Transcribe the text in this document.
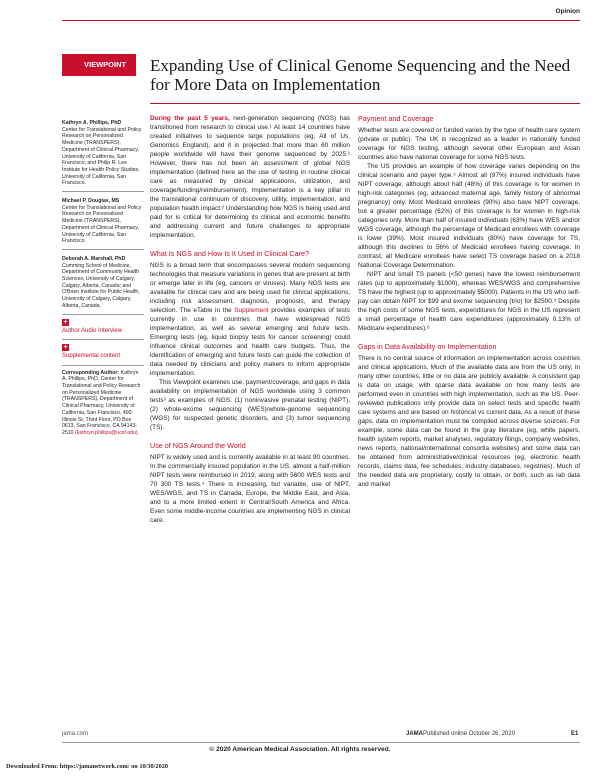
Opinion
VIEWPOINT	Expanding Use of Clinical Genome Sequencing and the Need for More Data on Implementation
Kathryn A. Phillips, PhD
Center for Translational and Policy Research on Personalized Medicine (TRANSPERS), Department of Clinical Pharmacy, University of California, San Francisco; and Philip R. Lee Institute for Health Policy Studies, University of California, San Francisco.
Michael P. Douglas, MS
Center for Translational and Policy Research on Personalized Medicine (TRANSPERS), Department of Clinical Pharmacy, University of California, San Francisco.
Deborah A. Marshall, PhD
Cumming School of Medicine, Department of Community Health Sciences, University of Calgary, Calgary, Alberta, Canada; and O'Brien Institute for Public Health, University of Calgary, Calgary, Alberta, Canada.
+
Author Audio Interview
+
Supplemental content
Corresponding Author: Kathryn A. Phillips, PhD, Center for Translational and Policy Research on Personalized Medicine (TRANSPERS), Department of Clinical Pharmacy, University of California, San Francisco, 490 Illinois St, Third Floor, PO Box 0613, San Francisco, CA 94143-2510 (kathryn.phillips@ucsf.edu).

During the past 5 years, next-generation sequencing (NGS) has transitioned from research to clinical use.¹ At least 14 countries have created initiatives to sequence large populations (eg, All of Us, Genomics England), and it is projected that more than 60 million people worldwide will have their genome sequenced by 2025.¹ However, there has not been an assessment of global NGS implementation (defined here as the use of testing in routine clinical care as measured by clinical applications, utilization, and coverage/funding/reimbursement). Implementation is a key pillar in the translational continuum of discovery, utility, implementation, and population health impact.² Understanding how NGS is being used and paid for is critical for determining its clinical and economic benefits and addressing current and future challenges to appropriate implementation.

What Is NGS and How Is It Used in Clinical Care?

NGS is a broad term that encompasses several modern sequencing technologies that measure variations in genes that are present at birth or emerge later in life (eg, cancers or viruses). Many NGS tests are available for clinical care and are being used for clinical applications, including risk assessment, diagnosis, prognosis, and therapy selection. The eTable in the Supplement provides examples of tests currently in use in countries that have widespread NGS implementation, as well as several emerging and future tests. Emerging tests (eg, liquid biopsy tests for cancer screening) could influence clinical outcomes and health care budgets. Thus, the identification of emerging and future tests can guide the collection of data needed by clinicians and policy makers to inform appropriate implementation.

This Viewpoint examines use, payment/coverage, and gaps in data availability on implementation of NGS worldwide using 3 common tests³ as examples of NGS: (1) noninvasive prenatal testing (NIPT), (2) whole-exome sequencing (WES)/whole-genome sequencing (WGS) for suspected genetic disorders, and (3) tumor sequencing (TS).

Use of NGS Around the World

NIPT is widely used and is currently available in at least 90 countries. In the commercially insured population in the US, almost a half-million NIPT tests were reimbursed in 2019, along with 5600 WES tests and 70 300 TS tests.⁴ There is increasing, but variable, use of NIPT, WES/WGS, and TS in Canada, Europe, the Middle East, and Asia, and to a more limited extent in Central/South America and Africa. Even some middle-income countries are implementing NGS in clinical care.

Payment and Coverage

Whether tests are covered or funded varies by the type of health care system (private or public). The UK is recognized as a leader in nationally funded coverage for NGS testing, although several other European and Asian countries also have national coverage for some NGS tests.

The US provides an example of how coverage varies depending on the clinical scenario and payer type.⁵ Almost all (97%) insured individuals have NIPT coverage, although about half (48%) of this coverage is for women in high-risk categories (eg, advanced maternal age, family history of abnormal pregnancy) only. Most Medicaid enrollees (90%) also have NIPT coverage, but a greater percentage (62%) of this coverage is for women in high-risk categories only. More than half of insured individuals (63%) have WES and/or WGS coverage, although the percentage of Medicaid enrollees with coverage is lower (39%). Most insured individuals (80%) have coverage for TS, although this declines to 56% of Medicaid enrollees having coverage. In contrast, all Medicare enrollees have select TS coverage based on a 2018 National Coverage Determination.

NIPT and small TS panels (<50 genes) have the lowest reimbursement rates (up to approximately $1000), whereas WES/WGS and comprehensive TS have the highest (up to approximately $5000). Patients in the US who self-pay can obtain NIPT for $99 and exome sequencing (trio) for $2500.⁵ Despite the high costs of some NGS tests, expenditures for NGS in the US represent a small percentage of health care expenditures (approximately 0.13% of Medicare expenditures).⁶

Gaps in Data Availability on Implementation

There is no central source of information on implementation across countries and clinical applications. Much of the available data are from the US only; in many other countries, little or no data are publicly available. A consistent gap is data on usage, with sparse data available on how many tests are performed even in countries with high implementation, such as the US. Peer-reviewed publications only provide data on select tests and specific health care systems and are based on historical vs current data. As a result of these gaps, data on implementation must be compiled across diverse sources. For example, some data can be found in the gray literature (eg, white papers, health system reports, market analyses, regulatory filings, company websites, news reports, national/international consortia websites) and some data can be obtained from administrative/clinical resources (eg, electronic health records, claims data, fee schedules, industry databases, registries). Much of the needed data are proprietary, costly to obtain, or both, such as lab data and market

jama.com	JAMA Published online October 26, 2020	E1
© 2020 American Medical Association. All rights reserved.
Downloaded From: https://jamanetwork.com/ on 10/30/2020
